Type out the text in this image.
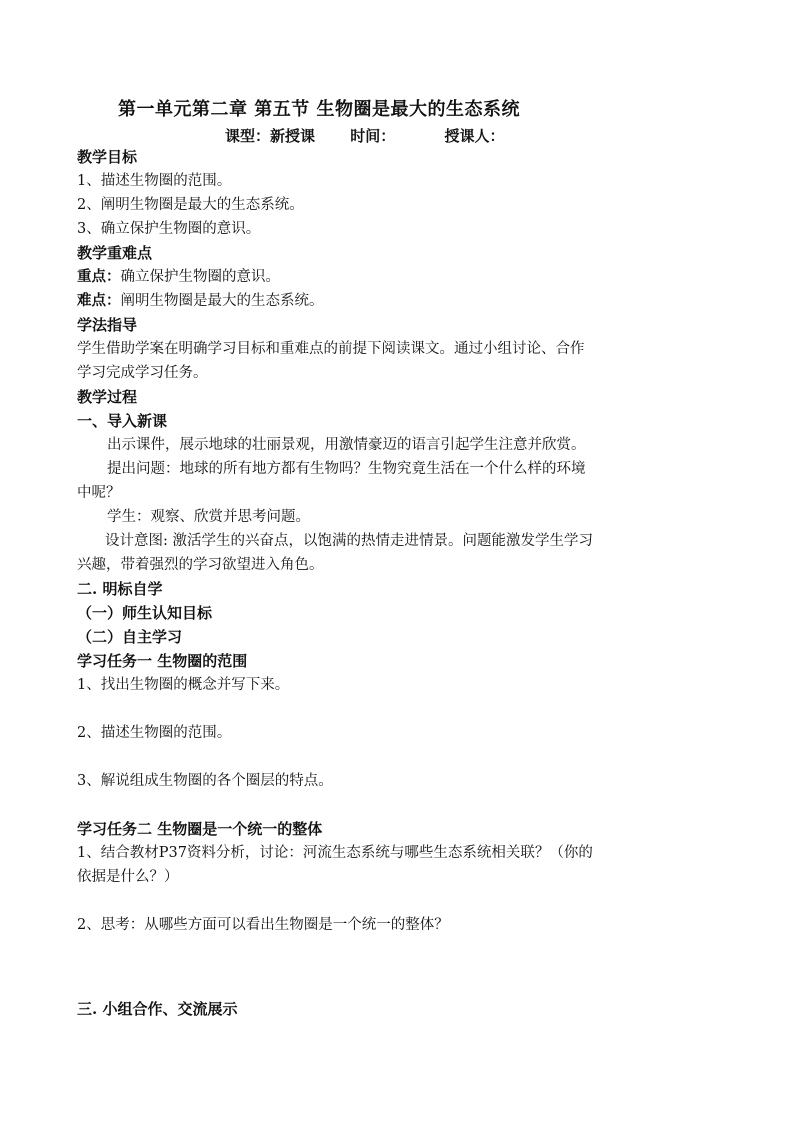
第一单元第二章 第五节 生物圈是最大的生态系统
课型：新授课 时间：	授课人：
教学目标
1、描述生物圈的范围。
2、阐明生物圈是最大的生态系统。
3、确立保护生物圈的意识。
教学重难点
重点：确立保护生物圈的意识。
难点：阐明生物圈是最大的生态系统。
学法指导
学生借助学案在明确学习目标和重难点的前提下阅读课文。通过小组讨论、合作
学习完成学习任务。
教学过程
一、导入新课
出示课件，展示地球的壮丽景观，用激情豪迈的语言引起学生注意并欣赏。
提出问题：地球的所有地方都有生物吗？生物究竟生活在一个什么样的环境
中呢？
学生：观察、欣赏并思考问题。
设计意图: 激活学生的兴奋点，以饱满的热情走进情景。问题能激发学生学习
兴趣，带着强烈的学习欲望进入角色。
二. 明标自学
（一）师生认知目标
（二）自主学习
学习任务一 生物圈的范围
1、找出生物圈的概念并写下来。
2、描述生物圈的范围。
3、解说组成生物圈的各个圈层的特点。
学习任务二 生物圈是一个统一的整体
1、结合教材P37资料分析，讨论：河流生态系统与哪些生态系统相关联？（你的
依据是什么？）
2、思考：从哪些方面可以看出生物圈是一个统一的整体？
三. 小组合作、交流展示
